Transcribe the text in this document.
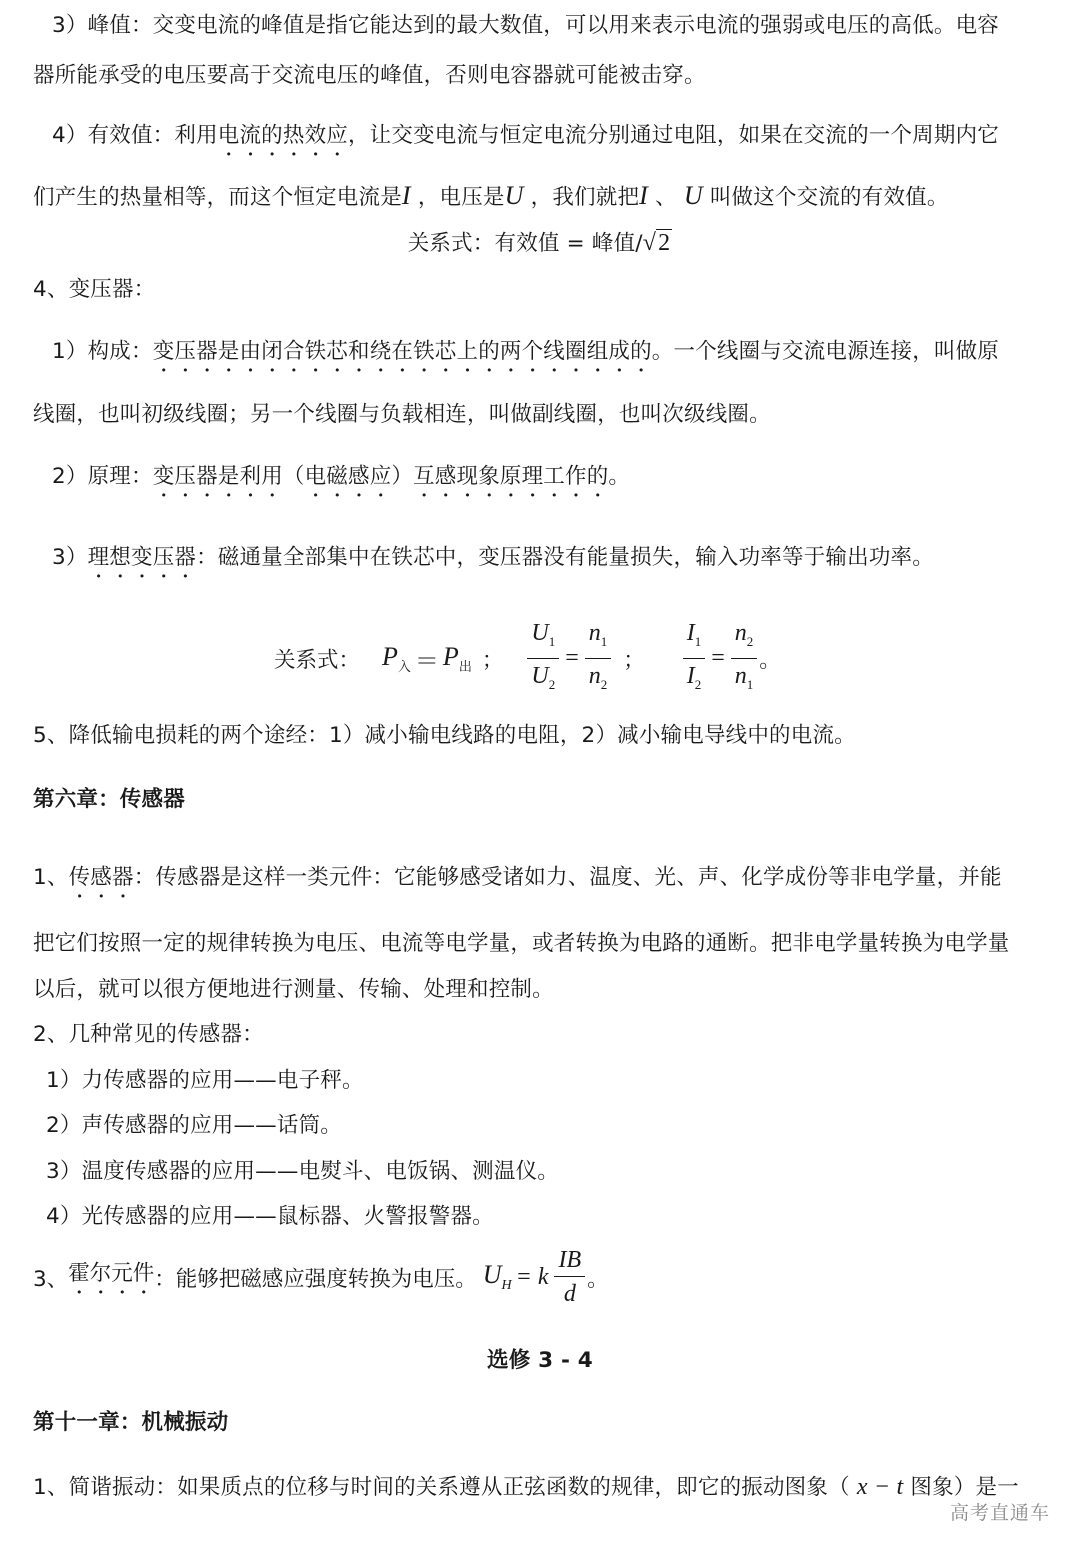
3）峰值：交变电流的峰值是指它能达到的最大数值，可以用来表示电流的强弱或电压的高低。电容
器所能承受的电压要高于交流电压的峰值，否则电容器就可能被击穿。
4）有效值：利用电流的热效应，让交变电流与恒定电流分别通过电阻，如果在交流的一个周期内它
们产生的热量相等，而这个恒定电流是I ，电压是U ，我们就把I 、 U 叫做这个交流的有效值。
关系式：有效值 = 峰值/√2
4、变压器：
1）构成：变压器是由闭合铁芯和绕在铁芯上的两个线圈组成的。一个线圈与交流电源连接，叫做原
线圈，也叫初级线圈；另一个线圈与负载相连，叫做副线圈，也叫次级线圈。
2）原理：变压器是利用（电磁感应）互感现象原理工作的。
3）理想变压器：磁通量全部集中在铁芯中，变压器没有能量损失，输入功率等于输出功率。
关系式： $P_入 = P_出$ ； $\frac{U_1}{U_2} = \frac{n_1}{n_2}$ ； $\frac{I_1}{I_2} = \frac{n_2}{n_1}$ 。
5、降低输电损耗的两个途经：1）减小输电线路的电阻，2）减小输电导线中的电流。
第六章：传感器
1、传感器：传感器是这样一类元件：它能够感受诸如力、温度、光、声、化学成份等非电学量，并能
把它们按照一定的规律转换为电压、电流等电学量，或者转换为电路的通断。把非电学量转换为电学量
以后，就可以很方便地进行测量、传输、处理和控制。
2、几种常见的传感器：
1）力传感器的应用——电子秤。
2）声传感器的应用——话筒。
3）温度传感器的应用——电熨斗、电饭锅、测温仪。
4）光传感器的应用——鼠标器、火警报警器。
3、 霍尔元件 ：能够把磁感应强度转换为电压。 $U_H = k \frac{IB}{d}$ 。
选修 3 - 4
第十一章：机械振动
1、简谐振动：如果质点的位移与时间的关系遵从正弦函数的规律，即它的振动图象（ x − t 图象）是一
高考直通车
